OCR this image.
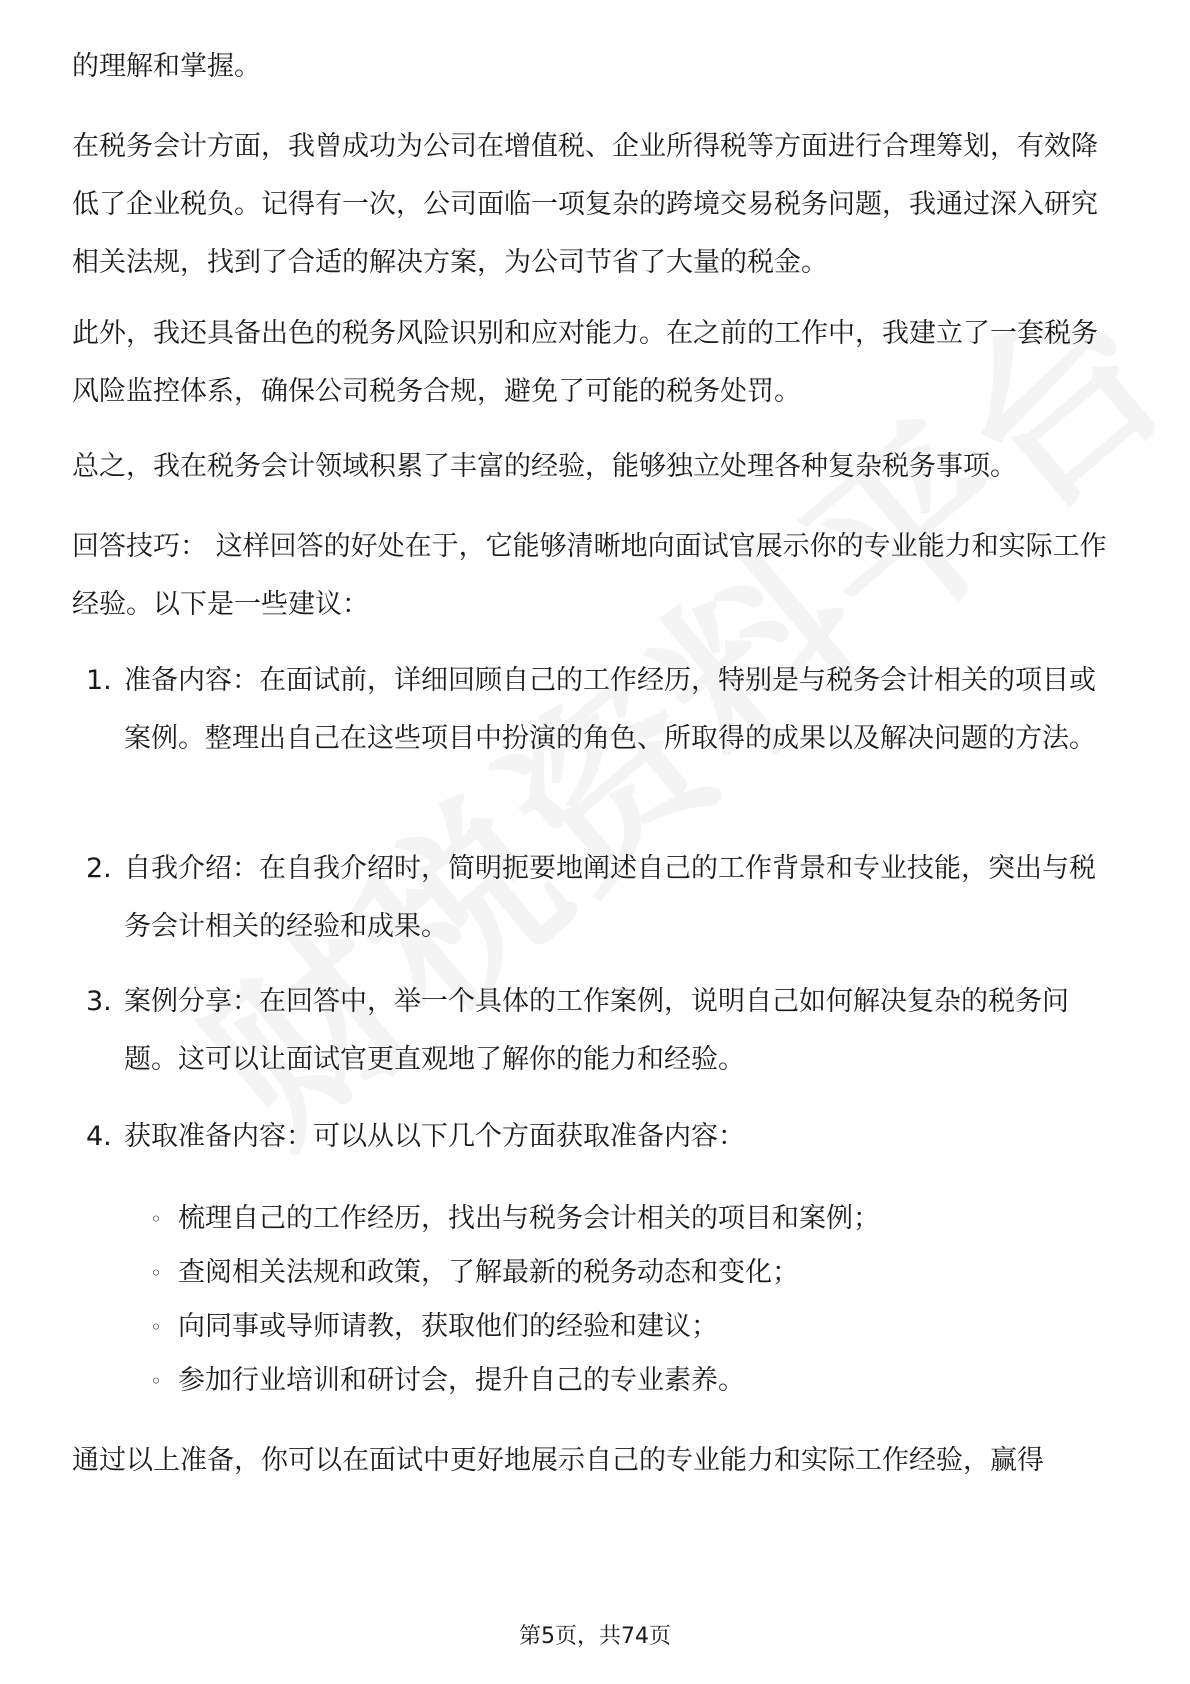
的理解和掌握。

在税务会计方面，我曾成功为公司在增值税、企业所得税等方面进行合理筹划，有效降低了企业税负。记得有一次，公司面临一项复杂的跨境交易税务问题，我通过深入研究相关法规，找到了合适的解决方案，为公司节省了大量的税金。

此外，我还具备出色的税务风险识别和应对能力。在之前的工作中，我建立了一套税务风险监控体系，确保公司税务合规，避免了可能的税务处罚。

总之，我在税务会计领域积累了丰富的经验，能够独立处理各种复杂税务事项。

回答技巧： 这样回答的好处在于，它能够清晰地向面试官展示你的专业能力和实际工作经验。以下是一些建议：

1. 准备内容：在面试前，详细回顾自己的工作经历，特别是与税务会计相关的项目或案例。整理出自己在这些项目中扮演的角色、所取得的成果以及解决问题的方法。

2. 自我介绍：在自我介绍时，简明扼要地阐述自己的工作背景和专业技能，突出与税务会计相关的经验和成果。

3. 案例分享：在回答中，举一个具体的工作案例，说明自己如何解决复杂的税务问题。这可以让面试官更直观地了解你的能力和经验。

4. 获取准备内容：可以从以下几个方面获取准备内容：

◦ 梳理自己的工作经历，找出与税务会计相关的项目和案例；

◦ 查阅相关法规和政策，了解最新的税务动态和变化；

◦ 向同事或导师请教，获取他们的经验和建议；

◦ 参加行业培训和研讨会，提升自己的专业素养。

通过以上准备，你可以在面试中更好地展示自己的专业能力和实际工作经验，赢得

第5页，共74页
